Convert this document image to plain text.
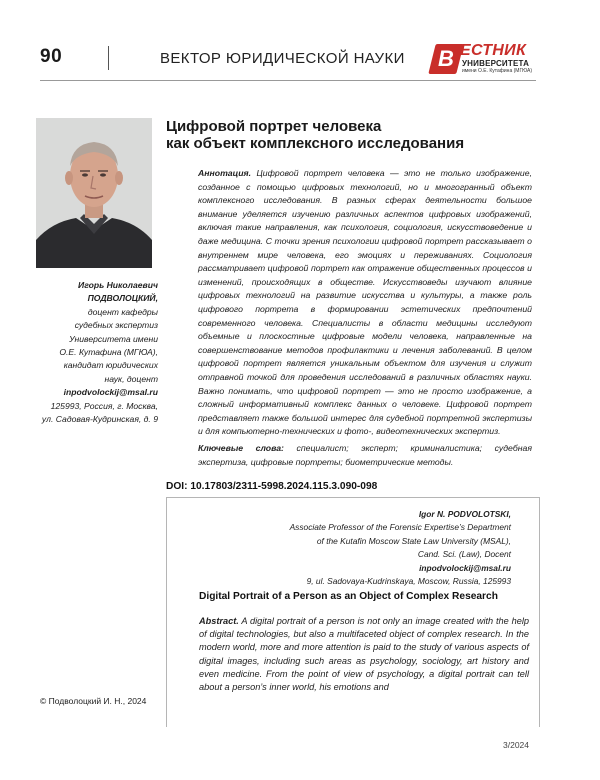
90	ВЕКТОР ЮРИДИЧЕСКОЙ НАУКИ В ЕСТНИК
УНИВЕРСИТЕТА
имени О.Е. Кутафина (МГЮА)
Игорь Николаевич
ПОДВОЛОЦКИЙ,
доцент кафедры
судебных экспертиз
Университета имени
О.Е. Кутафина (МГЮА),
кандидат юридических
наук, доцент
inpodvolockij@msal.ru
125993, Россия, г. Москва,
ул. Садовая-Кудринская, д. 9
Цифровой портрет человека
как объект комплексного исследования
Аннотация. Цифровой портрет человека — это не только изображение, созданное с помощью цифровых технологий, но и многогранный объект комплексного исследования. В разных сферах деятельности большое внимание уделяется изучению различных аспектов цифровых изображений, включая такие направления, как психология, социология, искусствоведение и даже медицина. С точки зрения психологии цифровой портрет рассказывает о внутреннем мире человека, его эмоциях и переживаниях. Социология рассматривает цифровой портрет как отражение общественных процессов и изменений, происходящих в обществе. Искусствоведы изучают влияние цифровых технологий на развитие искусства и культуры, а также роль цифрового портрета в формировании эстетических предпочтений современного человека. Специалисты в области медицины исследуют объемные и плоскостные цифровые модели человека, направленные на совершенствование методов профилактики и лечения заболеваний. В целом цифровой портрет является уникальным объектом для изучения и служит отправной точкой для проведения исследований в различных областях науки. Важно понимать, что цифровой портрет — это не просто изображение, а сложный информативный комплекс данных о человеке. Цифровой портрет представляет также большой интерес для судебной портретной экспертизы и для компьютерно-технических и фото-, видеотехнических экспертиз.
Ключевые слова: специалист; эксперт; криминалистика; судебная экспертиза, цифровые портреты; биометрические методы.
DOI: 10.17803/2311-5998.2024.115.3.090-098
Igor N. PODVOLOTSKI,
Associate Professor of the Forensic Expertise’s Department
of the Kutafin Moscow State Law University (MSAL),
Cand. Sci. (Law), Docent
inpodvolockij@msal.ru
9, ul. Sadovaya-Kudrinskaya, Moscow, Russia, 125993
Digital Portrait of a Person as an Object of Complex Research
Abstract. A digital portrait of a person is not only an image created with the help of digital technologies, but also a multifaceted object of complex research. In the modern world, more and more attention is paid to the study of various aspects of digital images, including such areas as psychology, sociology, art history and even medicine. From the point of view of psychology, a digital portrait can tell about a person’s inner world, his emotions and
© Подволоцкий И. Н., 2024
3/2024
